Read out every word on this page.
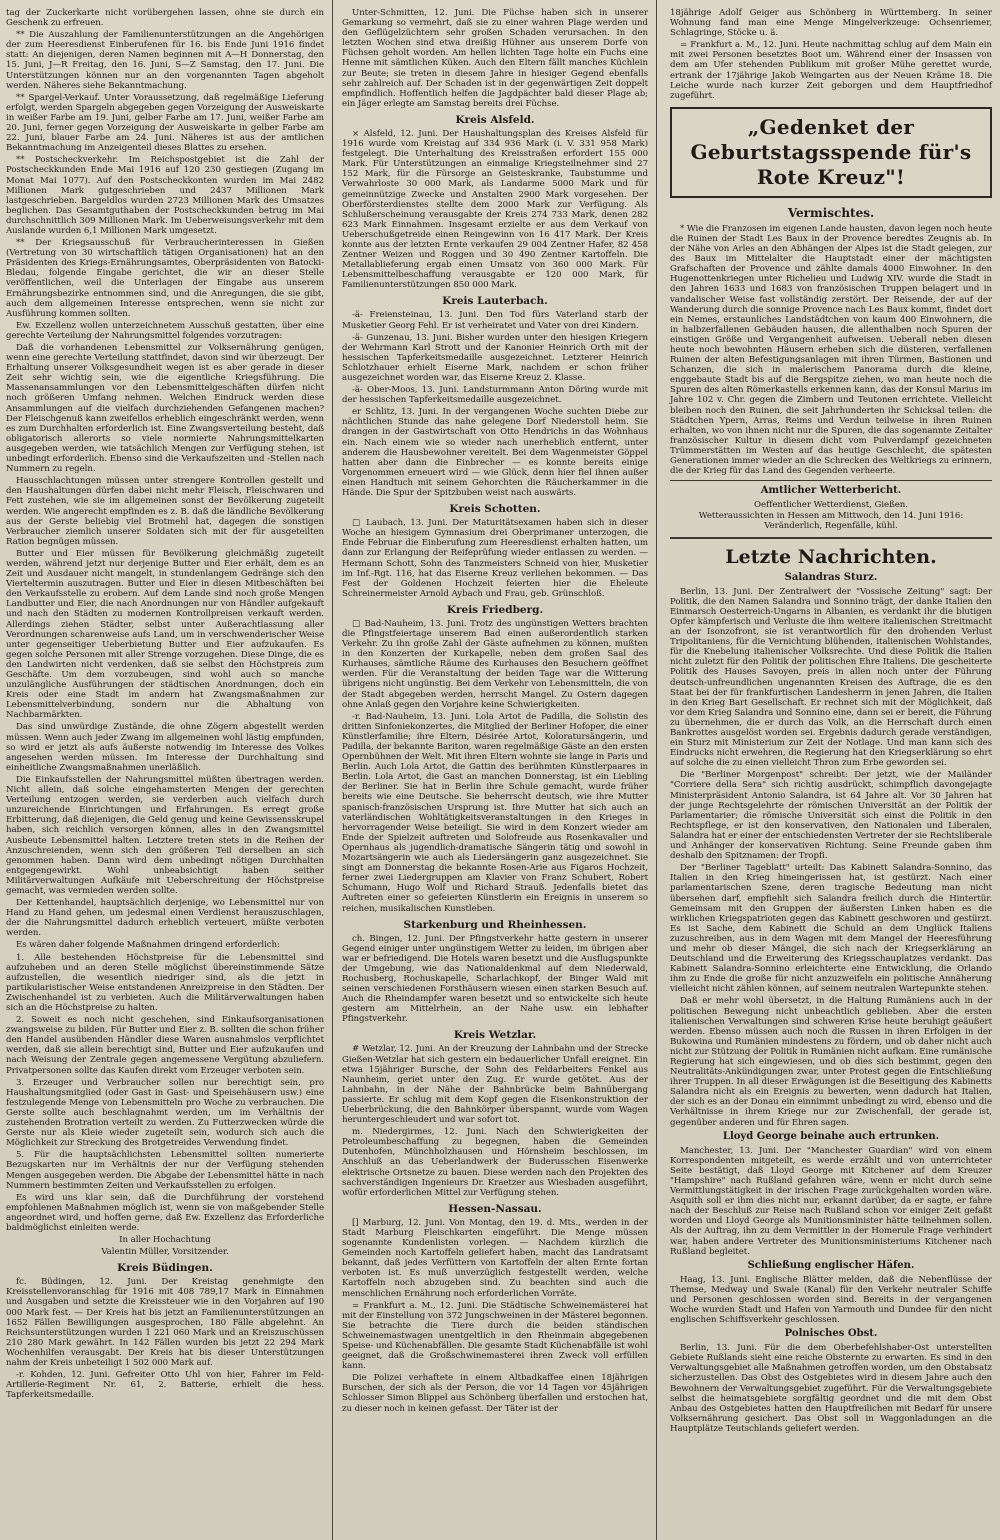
tag der Zuckerkarte nicht vorübergehen lassen, ohne sie durch ein Geschenk zu erfreuen.

** Die Auszahlung der Familienunterstützungen an die Angehörigen der zum Heeresdienst Einberufenen für 16. bis Ende Juni 1916 findet statt: An diejenigen, deren Namen beginnen mit A—H Donnerstag, den 15. Juni, J—R Freitag, den 16. Juni, S—Z Samstag, den 17. Juni. Die Unterstützungen können nur an den vorgenannten Tagen abgeholt werden. Näheres siehe Bekanntmachung.

** Spargel-Verkauf. Unter Voraussetzung, daß regelmäßige Lieferung erfolgt, werden Spargeln abgegeben gegen Vorzeigung der Ausweiskarte in weißer Farbe am 19. Juni, gelber Farbe am 17. Juni, weißer Farbe am 20. Juni, ferner gegen Vorzeigung der Ausweiskarte in gelber Farbe am 22. Juni, blauer Farbe am 24. Juni. Näheres ist aus der amtlichen Bekanntmachung im Anzeigenteil dieses Blattes zu ersehen.

** Postscheckverkehr. Im Reichspostgebiet ist die Zahl der Postscheckkunden Ende Mai 1916 auf 120 230 gestiegen (Zugang im Monat Mai 1077). Auf den Postscheckkonten wurden im Mai 2482 Millionen Mark gutgeschrieben und 2437 Millionen Mark lastgeschrieben. Bargeldlos wurden 2723 Millionen Mark des Umsatzes beglichen. Das Gesamtguthaben der Postscheckkunden betrug im Mai durchschnittlich 309 Millionen Mark. Im Ueberweisungsverkehr mit dem Auslande wurden 6,1 Millionen Mark umgesetzt.

** Der Kriegsausschuß für Verbraucherinteressen in Gießen (Vertretung von 30 wirtschaftlich tätigen Organisationen) hat an den Präsidenten des Kriegs-Ernährungsamtes, Oberpräsidenten von Batocki-Bledau, folgende Eingabe gerichtet, die wir an dieser Stelle veröffentlichen, weil die Unterlagen der Eingabe aus unserem Ernährungsbezirke entnommen sind, und die Anregungen, die sie gibt, auch dem allgemeinen Interesse entsprechen, wenn sie nicht zur Ausführung kommen sollten.

Ew. Exzellenz wollen unterzeichnetem Ausschuß gestatten, über eine gerechte Verteilung der Nahrungsmittel folgendes vorzutragen:

Daß die vorhandenen Lebensmittel zur Volksernährung genügen, wenn eine gerechte Verteilung stattfindet, davon sind wir überzeugt. Der Erhaltung unserer Volksgesundheit wegen ist es aber gerade in dieser Zeit sehr wichtig sein, wie die eigentliche Kriegsführung. Die Massenansammlungen vor den Lebensmittelgeschäften dürfen nicht noch größeren Umfang nehmen. Welchen Eindruck werden diese Ansammlungen auf die vielfach durchziehenden Gefangenen machen? Der Fleischgenuß kann zweifellos erheblich eingeschränkt werden, wenn es zum Durchhalten erforderlich ist. Eine Zwangsverteilung besteht, daß obligatorisch allerorts so viele normierte Nahrungsmittelkarten ausgegeben werden, wie tatsächlich Mengen zur Verfügung stehen, ist unbedingt erforderlich. Ebenso sind die Verkaufszeiten und -Stellen nach Nummern zu regeln.

Hausschlachtungen müssen unter strengere Kontrollen gestellt und den Haushaltungen dürfen dabei nicht mehr Fleisch, Fleischwaren und Fett zustehen, wie sie im allgemeinen sonst der Bevölkerung zugeteilt werden. Wie angerecht empfinden es z. B. daß die ländliche Bevölkerung aus der Gerste beliebig viel Brotmehl hat, dagegen die sonstigen Verbraucher ziemlich unserer Soldaten sich mit der für ausgeteilten Ration begnügen müssen.

Butter und Eier müssen für Bevölkerung gleichmäßig zugeteilt werden, während jetzt nur derjenige Butter und Eier erhält, dem es an Zeit und Ausdauer nicht mangelt, in stundenlangem Gedränge sich den Vierteltermin auszutragen. Butter und Eier in diesen Mitbeschäften bei den Verkaufsstelle zu erobern. Auf dem Lande sind noch große Mengen Landbutter und Eier, die nach Anordnungen nur von Händler aufgekauft und nach den Städten zu modernen Kontrollpreisen verkauft werden. Allerdings ziehen Städter, selbst unter Außerachtlassung aller Verordnungen scharenweise aufs Land, um in verschwenderischer Weise unter gegenseitiger Ueberbietung Butter und Eier aufzukaufen. Es gegen solche Personen mit aller Strenge vorzugehen. Diese Dinge, die es den Landwirten nicht verdenken, daß sie selbst den Höchstpreis zum Geschäfte. Um dem vorzubeugen, sind wohl auch so manche unzulängliche Ausführungen der städtischen Anordnungen, doch ein Kreis oder eine Stadt im andern hat Zwangsmaßnahmen zur Lebensmittelverbindung, sondern nur die Abhaltung von Nachbarmärkten.

Das sind unwürdige Zustände, die ohne Zögern abgestellt werden müssen. Wenn auch jeder Zwang im allgemeinen wohl lästig empfunden, so wird er jetzt als aufs äußerste notwendig im Interesse des Volkes angesehen werden müssen. Im Interesse der Durchhaltung sind einheitliche Zwangsmaßnahmen unerläßlich.

Die Einkaufsstellen der Nahrungsmittel müßten übertragen werden. Nicht allein, daß solche eingehamsterten Mengen der gerechten Verteilung entzogen werden, sie verderben auch vielfach durch unzureichende Einrichtungen und Erfahrungen. Es erregt große Erbitterung, daß diejenigen, die Geld genug und keine Gewissensskrupel haben, sich reichlich versorgen können, alles in den Zwangsmittel Ausbeute Lebensmittel halten. Letztere treten stets in die Reihen der Anzuschreienden, wenn sich den größeren Teil derselben an sich genommen haben. Dann wird dem unbedingt nötigen Durchhalten entgegengewirkt. Wohl unbeabsichtigt haben seither Militärverwaltungen Aufkäufe mit Ueberschreitung der Höchstpreise gemacht, was vermieden werden sollte.

Der Kettenhandel, hauptsächlich derjenige, wo Lebensmittel nur von Hand zu Hand gehen, um jedesmal einen Verdienst herauszuschlagen, der die Nahrungsmittel dadurch erheblich verteuert, müßte verboten werden.

Es wären daher folgende Maßnahmen dringend erforderlich:

1. Alle bestehenden Höchstpreise für die Lebensmittel sind aufzuheben und an deren Stelle möglichst übereinstimmende Sätze aufzustellen, die wesentlich niedriger sind, als die jetzt in partikularistischer Weise entstandenen Anreizpreise in den Städten. Der Zwischenhandel ist zu verbieten. Auch die Militärverwaltungen haben sich an die Höchstpreise zu halten.

2. Soweit es noch nicht geschehen, sind Einkaufsorganisationen zwangsweise zu bilden. Für Butter und Eier z. B. sollten die schon früher den Handel ausübenden Händler diese Waren ausnahmslos verpflichtet werden, daß sie allein berechtigt sind, Butter und Eier aufzukaufen und nach Weisung der Zentrale gegen angemessene Vergütung abzuliefern. Privatpersonen sollte das Kaufen direkt vom Erzeuger verboten sein.

3. Erzeuger und Verbraucher sollen nur berechtigt sein, pro Haushaltungsmitglied (oder Gast in Gast- und Speisehäusern usw.) eine festzulegende Menge von Lebensmitteln pro Woche zu verbrauchen. Die Gerste sollte auch beschlagnahmt werden, um im Verhältnis der zustehenden Brotration verteilt zu werden. Zu Futterzwecken würde die Gerste nur als Kleie wieder zugeteilt sein, wodurch sich auch die Möglichkeit zur Streckung des Brotgetreides Verwendung findet.

5. Für die hauptsächlichsten Lebensmittel sollten numerierte Bezugskarten nur im Verhältnis der nur der Verfügung stehenden Mengen ausgegeben werden. Die Abgabe der Lebensmittel hätte in nach Nummern bestimmten Zeiten und Verkaufsstellen zu erfolgen.

Es wird uns klar sein, daß die Durchführung der vorstehend empfohlenen Maßnahmen möglich ist, wenn sie von maßgebender Stelle angeordnet wird, und hoffen gerne, daß Ew. Exzellenz das Erforderliche baldmöglichst einleiten werde.

In aller Hochachtung

Valentin Müller, Vorsitzender.

Kreis Büdingen.

fc. Büdingen, 12. Juni. Der Kreistag genehmigte den Kreisstellenvoranschlag für 1916 mit 408 789,17 Mark in Einnahmen und Ausgaben und setzte die Kreissteuer wie in den Vorjahren auf 190 000 Mark fest. — Der Kreis hat bis jetzt an Familienunterstützungen an 1652 Fällen Bewilligungen ausgesprochen, 180 Fälle abgelehnt. An Reichsunterstützungen wurden 1 221 060 Mark und an Kreiszuschüssen 210 280 Mark gewährt. In 142 Fällen wurden bis jetzt 22 294 Mark Wochenhilfen verausgabt. Der Kreis hat bis dieser Unterstützungen nahm der Kreis unbeteiligt 1 502 000 Mark auf.

-r. Kohden, 12. Juni. Gefreiter Otto Uhl von hier, Fahrer im Feld-Artillerie-Regiment Nr. 61, 2. Batterie, erhielt die hess. Tapferkeitsmedaille.

Unter-Schmitten, 12. Juni. Die Füchse haben sich in unserer Gemarkung so vermehrt, daß sie zu einer wahren Plage werden und den Geflügelzüchtern sehr großen Schaden verursachen. In den letzten Wochen sind etwa dreißig Hühner aus unserem Dorfe von Füchsen geholt worden. Am hellen lichten Tage holte ein Fuchs eine Henne mit sämtlichen Küken. Auch den Eltern fällt manches Küchlein zur Beute; sie treten in diesem Jahre in hiesiger Gegend ebenfalls sehr zahlreich auf. Der Schaden ist in der gegenwärtigen Zeit doppelt empfindlich. Hoffentlich helfen die Jagdpächter bald dieser Plage ab; ein Jäger erlegte am Samstag bereits drei Füchse.

Kreis Alsfeld.

× Alsfeld, 12. Juni. Der Haushaltungsplan des Kreises Alsfeld für 1916 wurde vom Kreistag auf 334 936 Mark (i. V. 331 958 Mark) festgelegt. Die Unterhaltung des Kreisstraßen erfordert 155 000 Mark. Für Unterstützungen an einmalige Kriegsteilnehmer sind 27 152 Mark, für die Fürsorge an Geisteskranke, Taubstumme und Verwahrloste 30 000 Mark, als Landarme 5000 Mark und für gemeinnützige Zwecke und Anstalten 2900 Mark vorgesehen. Der Oberförsterdienstes stellte dem 2000 Mark zur Verfügung. Als Schlußerscheinung verausgabte der Kreis 274 733 Mark, denen 282 623 Mark Einnahmen. Insgesamt erzielte er aus dem Verkauf von Ueberschußgetreide einen Reingewinn von 16 417 Mark. Der Kreis konnte aus der letzten Ernte verkaufen 29 004 Zentner Hafer, 82 458 Zentner Weizen und Roggen und 30 490 Zentner Kartoffeln. Die Metallablieferung ergab einen Umsatz von 360 000 Mark. Für Lebensmittelbeschaffung verausgabte er 120 000 Mark, für Familienunterstützungen 850 000 Mark.

Kreis Lauterbach.

-ä- Freiensteinau, 13. Juni. Den Tod fürs Vaterland starb der Musketier Georg Fehl. Er ist verheiratet und Vater von drei Kindern.

-ä- Gunzenau, 13. Juni. Bisher wurden unter den hiesigen Kriegern der Wehrmann Karl Strott und der Kanonier Heinrich Orth mit der hessischen Tapferkeitsmedaille ausgezeichnet. Letzterer Heinrich Schlotzhauer erhielt Eiserne Mark, nachdem er schon früher ausgezeichnet worden war, das Eiserne Kreuz 2. Klasse.

-ä- Ober-Moos, 13. Juni. Landsturmmann Anton Döring wurde mit der hessischen Tapferkeitsmedaille ausgezeichnet.

er Schlitz, 13. Juni. In der vergangenen Woche suchten Diebe zur nächtlichen Stunde das nahe gelegene Dorf Niederstoll heim. Sie drangen in der Gastwirtschaft von Otto Hendrichs in das Wohnhaus ein. Nach einem wie so wieder nach unerheblich entfernt, unter anderem die Hausbewohner vereitelt. Bei dem Wagenmeister Göppel hatten aber dann die Einbrecher — es konnte bereits einige Vorgenommen erneuert wird — wie Glück, denn hier fiel ihnen außer einen Handtuch mit seinem Gehorchten die Räucherkammer in die Hände. Die Spur der Spitzbuben weist nach auswärts.

Kreis Schotten.

□ Laubach, 13. Juni. Der Maturitätsexamen haben sich in dieser Woche an hiesigem Gymnasium drei Oberprimaner unterzogen, die Ende Februar die Einberufung zum Heeresdienst erhalten hatten, um dann zur Erlangung der Reifeprüfung wieder entlassen zu werden. — Hermann Schott, Sohn des Tanzmeisters Schneid von hier, Musketier im Inf.-Rgt. 116, hat das Eiserne Kreuz verliehen bekommen. — Das Fest der Goldenen Hochzeit feierten hier die Eheleute Schreinermeister Arnold Aybach und Frau, geb. Grünschloß.

Kreis Friedberg.

□ Bad-Nauheim, 13. Juni. Trotz des ungünstigen Wetters brachten die Pfingstfeiertage unserem Bad einen außerordentlich starken Verkehr. Zu ihn große Zahl der Gäste aufnehmen zu können, mußten in den Konzerten der Kurkapelle, neben dem großen Saal des Kurhauses, sämtliche Räume des Kurhauses den Besuchern geöffnet werden. Für die Veranstaltung der beiden Tage war die Witterung übrigens nicht ungünstig. Bei dem Verkehr von Lebensmitteln, die von der Stadt abgegeben werden, herrscht Mangel. Zu Ostern dagegen ohne Anlaß gegen den Vorjahre keine Schwierigkeiten.

-r. Bad-Nauheim, 13. Juni. Lola Artot de Padilla, die Solistin des dritten Sinfoniekonzertes, die Mitglied der Berliner Hofoper, die einer Künstlerfamilie; ihre Eltern, Désirée Artot, Koloratursängerin, und Padilla, der bekannte Bariton, waren regelmäßige Gäste an den ersten Opernbühnen der Welt. Mit ihren Eltern wohnte sie lange in Paris und Berlin. Auch Lola Artot, die Gattin des berühmten Künstlerpaares in Berlin. Lola Artot, die Gast an manchen Donnerstag, ist ein Liebling der Berliner. Sie hat in Berlin ihre Schule gemacht, wurde früher bereits wie eine Deutsche. Sie beherrscht deutsch, wie ihre Mutter spanisch-französischen Ursprung ist. Ihre Mutter hat sich auch an vaterländischen Wohltätigkeitsveranstaltungen in den Krieges in hervorragender Weise beteiligt. Sie wird in dem Konzert wieder am Ende der Spielzeit auftreten und Solofreude aus Rosenkavalier und Opernhaus als jugendlich-dramatische Sängerin tätig und sowohl in Mozartsängerin wie auch als Liedersängerin ganz ausgezeichnet. Sie singt am Donnerstag die bekannte Rosen-Arie aus Figaros Hochzeit, ferner zwei Liedergruppen am Klavier von Franz Schubert, Robert Schumann, Hugo Wolf und Richard Strauß. Jedenfalls bietet das Auftreten einer so gefeierten Künstlerin ein Ereignis in unserem so reichen, musikalischen Kunstleben.

Starkenburg und Rheinhessen.

ch. Bingen, 12. Juni. Der Pfingstverkehr hatte gestern in unserer Gegend einiger unter ungünstigem Wetter zu leiden, im übrigen aber war er befriedigend. Die Hotels waren besetzt und die Ausflugspunkte der Umgebung, wie das Nationaldenkmal auf dem Niederwald, Rochusberg, Rochuskapelle, Scharlachkopf, der Binger Wald mit seinen verschiedenen Forsthäusern wiesen einen starken Besuch auf. Auch die Rheindampfer waren besetzt und so entwickelte sich heute gestern am Mittelrhein, an der Nahe usw. ein lebhafter Pfingstverkehr.

Kreis Wetzlar.

# Wetzlar, 12. Juni. An der Kreuzung der Lahnbahn und der Strecke Gießen-Wetzlar hat sich gestern ein bedauerlicher Unfall ereignet. Ein etwa 15jähriger Bursche, der Sohn des Feldarbeiters Fenkel aus Naunheim, geriet unter den Zug. Er wurde getötet. Aus der Lahnbahn, in der Nähe der Bahnbrücke beim Bahnübergang passierte. Er schlug mit dem Kopf gegen die Eisenkonstruktion der Ueberbrückung, die den Bahnkörper überspannt, wurde vom Wagen heruntergeschleudert und war sofort tot.

m. Niedergirmes, 12. Juni. Nach den Schwierigkeiten der Petroleumbeschaffung zu begegnen, haben die Gemeinden Dutenhofen, Münchholzhausen und Hörnsheim beschlossen, im Anschluß an das Ueberlandwerk der Buderusschen Eisenwerke elektrische Ortsnetze zu bauen. Diese werden nach den Projekten des sachverständigen Ingenieurs Dr. Kraetzer aus Wiesbaden ausgeführt, wofür erforderlichen Mittel zur Verfügung stehen.

Hessen-Nassau.

[] Marburg, 12. Juni. Von Montag, den 19. d. Mts., werden in der Stadt Marburg Fleischkarten eingeführt. Die Menge müssen sogenannte Kundenlisten vorlegen. — Nachdem kürzlich die Gemeinden noch Kartoffeln geliefert haben, macht das Landratsamt bekannt, daß jedes Verfüttern von Kartoffeln der alten Ernte fortan verboten ist. Es muß unverzüglich festgestellt werden, welche Kartoffeln noch abzugeben sind. Zu beachten sind auch die menschlichen Ernährung noch erforderlichen Vorräte.

= Frankfurt a. M., 12. Juni. Die Städtische Schweinemästerei hat mit der Einstellung von 372 Jungschweinen in der Mästerei begonnen. Sie betrachte die Tiere durch die beiden ständischen Schweinemastwagen unentgeltlich in den Rheinmain abgegebenen Speise- und Küchenabfällen. Die gesamte Stadt Küchenabfälle ist wohl geeignet, daß die Großschwinemasterei ihren Zweck voll erfüllen kann.

Die Polizei verhaftete in einem Altbadkaffee einen 18jährigen Burschen, der sich als der Person, die vor 14 Tagen vor 45jährigen Schlosser Simon Blippel aus Schönberg überfallen und erstochen hat, zu dieser noch in keinen gefasst. Der Täter ist der

18jährige Adolf Geiger aus Schönberg in Württemberg. In seiner Wohnung fand man eine Menge Mingelverkzeuge: Ochsenriemer, Schlagringe, Stöcke u. ä.

= Frankfurt a. M., 12. Juni. Heute nachmittag schlug auf dem Main ein mit zwei Personen besetztes Boot um. Während einer der Insassen von dem am Ufer stehenden Publikum mit großer Mühe gerettet wurde, ertrank der 17jährige Jakob Weingarten aus der Neuen Kräme 18. Die Leiche wurde nach kurzer Zeit geborgen und dem Hauptfriedhof zugeführt.

„Gedenket der Geburtstagsspende für's Rote Kreuz"!
Vermischtes.

* Wie die Franzosen im eigenen Lande hausten, davon legen noch heute die Ruinen der Stadt Les Baux in der Provence beredtes Zeugnis ab. In der Nähe von Arles an den Abhängen der Alpes ist die Stadt gelegen, zur des Baux im Mittelalter die Hauptstadt einer der mächtigsten Grafschaften der Provence und zählte damals 4000 Einwohner. In den Hugenottenkriegen unter Richelieu und Ludwig XIV. wurde die Stadt in den Jahren 1633 und 1683 von französischen Truppen belagert und in vandalischer Weise fast vollständig zerstört. Der Reisende, der auf der Wanderung durch die sonnige Provence nach Les Baux kommt, findet dort ein Nemes, erstaunliches Landstädtchen von kaum 400 Einwohnern, die in halbzerfallenen Gebäuden hausen, die allenthalben noch Spuren der einstigen Größe und Vergangenheit aufweisen. Ueberall neben diesen heute noch bewohnten Häusern erheben sich die düsteren, verfallenen Ruinen der alten Befestigungsanlagen mit ihren Türmen, Bastionen und Schanzen, die sich in malerischem Panorama durch die kleine, enggebaute Stadt bis auf die Bergspitze ziehen, wo man heute noch die Spuren des alten Römerkastells erkennen kann, das der Konsul Marius im Jahre 102 v. Chr. gegen die Zimbern und Teutonen errichtete. Vielleicht bleiben noch den Ruinen, die seit Jahrhunderten ihr Schicksal teilen: die Städtchen Ypern, Arras, Reims und Verdun teilweise in ihren Ruinen erhalten, wo von ihnen nicht nur die Spuren, die das sogenannte Zeitalter französischer Kultur in diesem dicht vom Pulverdampf gezeichneten Trümmerstätten im Westen auf das heutige Geschlecht, die spätesten Generationen immer wieder an die Schrecken des Weltkriegs zu erinnern, die der Krieg für das Land des Gegenden verheerte.

Amtlicher Wetterbericht.

Oeffentlicher Wetterdienst, Gießen.

Wetteraussichten in Hessen am Mittwoch, den 14. Juni 1916:

Veränderlich, Regenfälle, kühl.

Letzte Nachrichten.
Salandras Sturz.

Berlin, 13. Juni. Der Zentralwert der "Vossische Zeitung" sagt: Der Politik, die den Namen Salandra und Sonnino trägt, der danke Italien den Einmarsch Oesterreich-Ungarns in Albanien, es verdankt ihr die blutigen Opfer kämpferisch und Verluste die ihm weitere italienischen Streitmacht an der Isonzofront, sie ist verantwortlich für den drohenden Verlust Tripolitaniens, für die Vernichtung blühenden, italienischen Wohlstandes, für die Knebelung italienischer Volksrechte. Und diese Politik die Italien nicht zuletzt für den Politik der politischen Ehre Italiens. Die gescheiterte Politik des Hauses Savoyen, preis in allen noch unter der Führung deutsch-unfreundlichen ungenannten Kreisen des Auftrage, die es den Staat bei der für frankfurtischen Landesherrn in jenen Jahren, die Italien in den Krieg Bart Gesellschaft. Er rechnet sich mit der Möglichkeit, daß vor dem Krieg Salandra und Sonnino eine, dann sei er bereit, die Führung zu übernehmen, die er durch das Volk, an die Herrschaft durch einen Bankrottes ausgelöst worden sei. Ergebnis dadurch gerade verständigen, ein Sturz mit Ministerium zur Zeit der Notlage. Und man kann sich des Eindrucks nicht erwehren, die Regierung hat den Kriegserklärung so ehrt auf solche die zu einen vielleicht Thron zum Erbe geworden sei.

Die "Berliner Morgenpost" schreibt: Der jetzt, wie der Mailänder "Corriere della Sera" sich richtig ausdrückt, schimpflich davongejagte Ministerpräsident Antonio Salandra, ist 64 Jahre alt. Vor 30 Jahren hat der junge Rechtsgelehrte der römischen Universität an der Politik der Parlamentarier; die römische Universität sich einst die Politik in den Rechtspflege, er ist den konservativen, den Nationalen und Liberalen, Salandra hat er einer der entschiedensten Vertreter der sie Rechtsliberale und Anhänger der konservativen Richtung. Seine Freunde gaben ihm deshalb den Spitznamen: der Tropfi.

Der "Berliner Tageblatt" urteilt: Das Kabinett Salandra-Sonnino, das Italien in den Krieg hineingerissen hat, ist gestürzt. Nach einer parlamentarischen Szene, deren tragische Bedeutung man nicht übersehen darf, empfiehlt sich Salandra freilich durch die Hintertür. Gemeinsam mit den Gruppen der äußersten Linken haben es die wirklichen Kriegspatrioten gegen das Kabinett geschworen und gestürzt. Es ist Sache, dem Kabinett die Schuld an dem Unglück Italiens zuzuschreiben, aus in dem Wagen mit dem Mangel der Heeresführung und mehr ob dieser Mängel, die sich nach der Kriegserklärung an Deutschland und die Erweiterung des Kriegsschauplatzes verdankt. Das Kabinett Salandra-Sonnino erleichterte eine Entwicklung, die Orlando ihm zu Ende die große für nicht anzuzweifeln ein politische Annäherung vielleicht nicht zählen können, auf seinem neutralen Wartepunkte stehen.

Daß er mehr wohl übersetzt, in die Haltung Rumäniens auch in der politischen Bewegung nicht unbeachtlich geblieben. Aber die ersten italienischen Verwaltungen sind schweren Krise heute beruhigt geäußert werden. Ebenso müssen auch noch die Russen in ihren Erfolgen in der Bukowina und Rumänien mindestens zu fördern, und ob daher nicht auch nicht zur Stützung der Politik in Rumänien nicht aufkam. Eine rumänische Regierung hat sich eingewiesen, und ob dies sich bestimmt, gegen den Neutralitäts-Ankündigungen zwar, unter Protest gegen die Entschließung ihrer Truppen. In all dieser Erwägungen ist die Beseitigung des Kabinetts Salandra nicht als ein Ereignis zu bewerten, wenn dadurch hat Italien, der sich es an der Donau ein einnimmt unbedingt zu wird, ebenso und die Verhältnisse in ihrem Kriege nur zur Zwischenfall, der gerade ist, gegenüber anderen und für Ehren sagen.

Lloyd George beinahe auch ertrunken.

Manchester, 13. Juni. Der "Manchester Guardian" wird von einem Korrespondenten mitgeteilt, es werde erzählt und von unterrichteter Seite bestätigt, daß Lloyd George mit Kitchener auf dem Kreuzer "Hampshire" nach Rußland gefahren wäre, wenn er nicht durch seine Vermittlungstätigkeit in der irischen Frage zurückgehalten worden wäre. Asquith soll er ihm dies nicht nur, erkannt darüber, da er sagte, er fahre nach der Beschluß zur Reise nach Rußland schon vor einiger Zeit gefaßt worden und Lloyd George als Munitionsminister hätte teilnehmen sollen. Als der Auftrag, ihn zu dem Vermittler in der Homerule Frage verhindert war, haben andere Vertreter des Munitionsministeriums Kitchener nach Rußland begleitet.

Schließung englischer Häfen.

Haag, 13. Juni. Englische Blätter melden, daß die Nebenflüsse der Themse, Medway und Swale (Kanal) für den Verkehr neutraler Schiffe und Personen geschlossen worden sind. Bereits in der vergangenen Woche wurden Stadt und Hafen von Yarmouth und Dundee für den nicht englischen Schiffsverkehr geschlossen.

Polnisches Obst.

Berlin, 13. Juni. Für die dem Oberbefehlshaber-Ost unterstellten Gebiete Rußlands sieht eine reiche Obsternte zu erwarten. Es sind in den Verwaltungsgebiet alle Maßnahmen getroffen worden, um den Obstabsatz sicherzustellen. Das Obst des Ostgebietes wird in diesem Jahre auch den Bewohnern der Verwaltungsgebiet zugeführt. Für die Verwaltungsgebiete selbst die heimatsgebiete sorgfältig geordnet und die mit dem Obst Anbau des Ostgebietes hatten den Hauptfreilichen mit Bedarf für unsere Volksernährung gesichert. Das Obst soll in Waggonladungen an die Hauptplätze Teutschlands geliefert werden.
